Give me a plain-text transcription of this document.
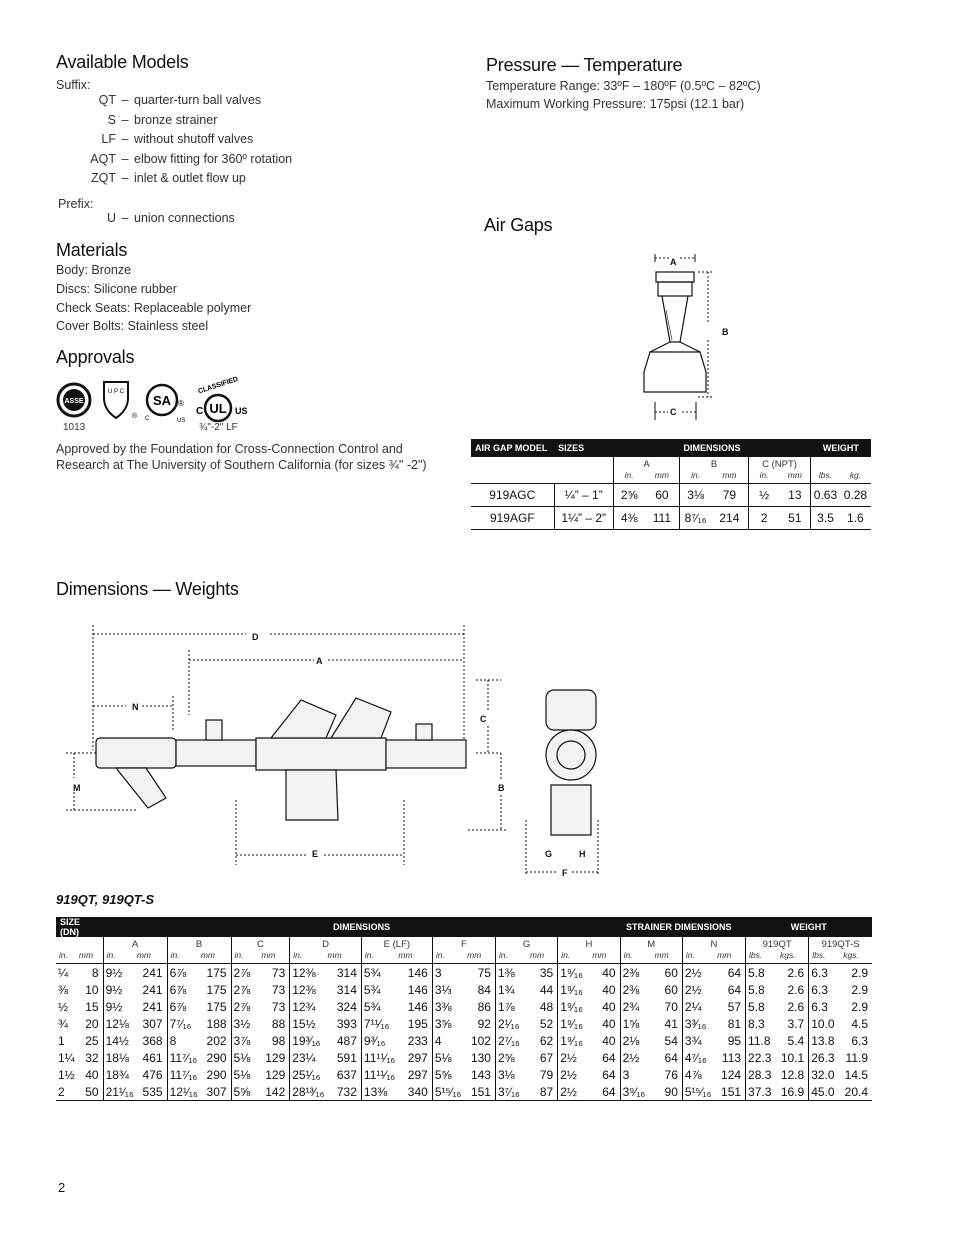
Available Models
Suffix:
QT – quarter-turn ball valves
S – bronze strainer
LF – without shutoff valves
AQT – elbow fitting for 360º rotation
ZQT – inlet & outlet flow up
Prefix:
U – union connections
Materials
Body: Bronze
Discs: Silicone rubber
Check Seats: Replaceable polymer
Cover Bolts: Stainless steel
Approvals
ASSE
U P C
®
SA ®
C	US
CLASSIFIED
C UL US
1013	¾"-2" LF
Approved by the Foundation for Cross-Connection Control and Research at The University of Southern California (for sizes ¾" -2")
Pressure — Temperature
Temperature Range: 33ºF – 180ºF (0.5ºC – 82ºC)
Maximum Working Pressure: 175psi (12.1 bar)
Air Gaps
A
B
C
AIR GAP MODEL	SIZES	DIMENSIONS						WEIGHT	
		A		B		C (NPT)			
		in.	mm	in.	mm	in.	mm	lbs.	kg.
919AGC	¼” – 1”	2⅝	60	3⅛	79	½	13	0.63	0.28
919AGF	1¼” – 2”	4⅜	111	8⁷⁄₁₆	214	2	51	3.5	1.6
Dimensions — Weights
D
A
N
C
M	B
E	G	H
F
919QT, 919QT-S
SIZE (DN)		DIMENSIONS																STRAINER DIMENSIONS				WEIGHT			
		A		B		C		D		E (LF)		F		G		H		M		N		919QT		919QT-S	
in.	mm	in.	mm	in.	mm	in.	mm	in.	mm	in.	mm	in.	mm	in.	mm	in.	mm	in.	mm	in.	mm	lbs.	kgs.	lbs.	kgs.
¼	8	9½	241	6⅞	175	2⅞	73	12⅜	314	5¾	146	3	75	1⅜	35	1⁹⁄₁₆	40	2⅜	60	2½	64	5.8	2.6	6.3	2.9
⅜	10	9½	241	6⅞	175	2⅞	73	12⅜	314	5¾	146	3⅓	84	1¾	44	1⁹⁄₁₆	40	2⅜	60	2½	64	5.8	2.6	6.3	2.9
½	15	9½	241	6⅞	175	2⅞	73	12¾	324	5¾	146	3⅜	86	1⅞	48	1⁹⁄₁₆	40	2¾	70	2¼	57	5.8	2.6	6.3	2.9
¾	20	12⅛	307	7⁷⁄₁₆	188	3½	88	15½	393	7¹¹⁄₁₆	195	3⅝	92	2¹⁄₁₆	52	1⁹⁄₁₆	40	1⅝	41	3³⁄₁₆	81	8.3	3.7	10.0	4.5
1	25	14½	368	8	202	3⅞	98	19³⁄₁₆	487	9³⁄₁₆	233	4	102	2⁷⁄₁₆	62	1⁹⁄₁₆	40	2⅛	54	3¾	95	11.8	5.4	13.8	6.3
1¼	32	18⅛	461	11⁷⁄₁₆	290	5⅛	129	23¼	591	11¹¹⁄₁₆	297	5⅛	130	2⅝	67	2½	64	2½	64	4⁷⁄₁₆	113	22.3	10.1	26.3	11.9
1½	40	18¾	476	11⁷⁄₁₆	290	5⅛	129	25¹⁄₁₆	637	11¹¹⁄₁₆	297	5⅝	143	3⅛	79	2½	64	3	76	4⅞	124	28.3	12.8	32.0	14.5
2	50	21¹⁄₁₆	535	12¹⁄₁₆	307	5⅝	142	28¹³⁄₁₆	732	13⅜	340	5¹⁵⁄₁₆	151	3⁷⁄₁₆	87	2½	64	3⁹⁄₁₆	90	5¹⁵⁄₁₆	151	37.3	16.9	45.0	20.4
2
